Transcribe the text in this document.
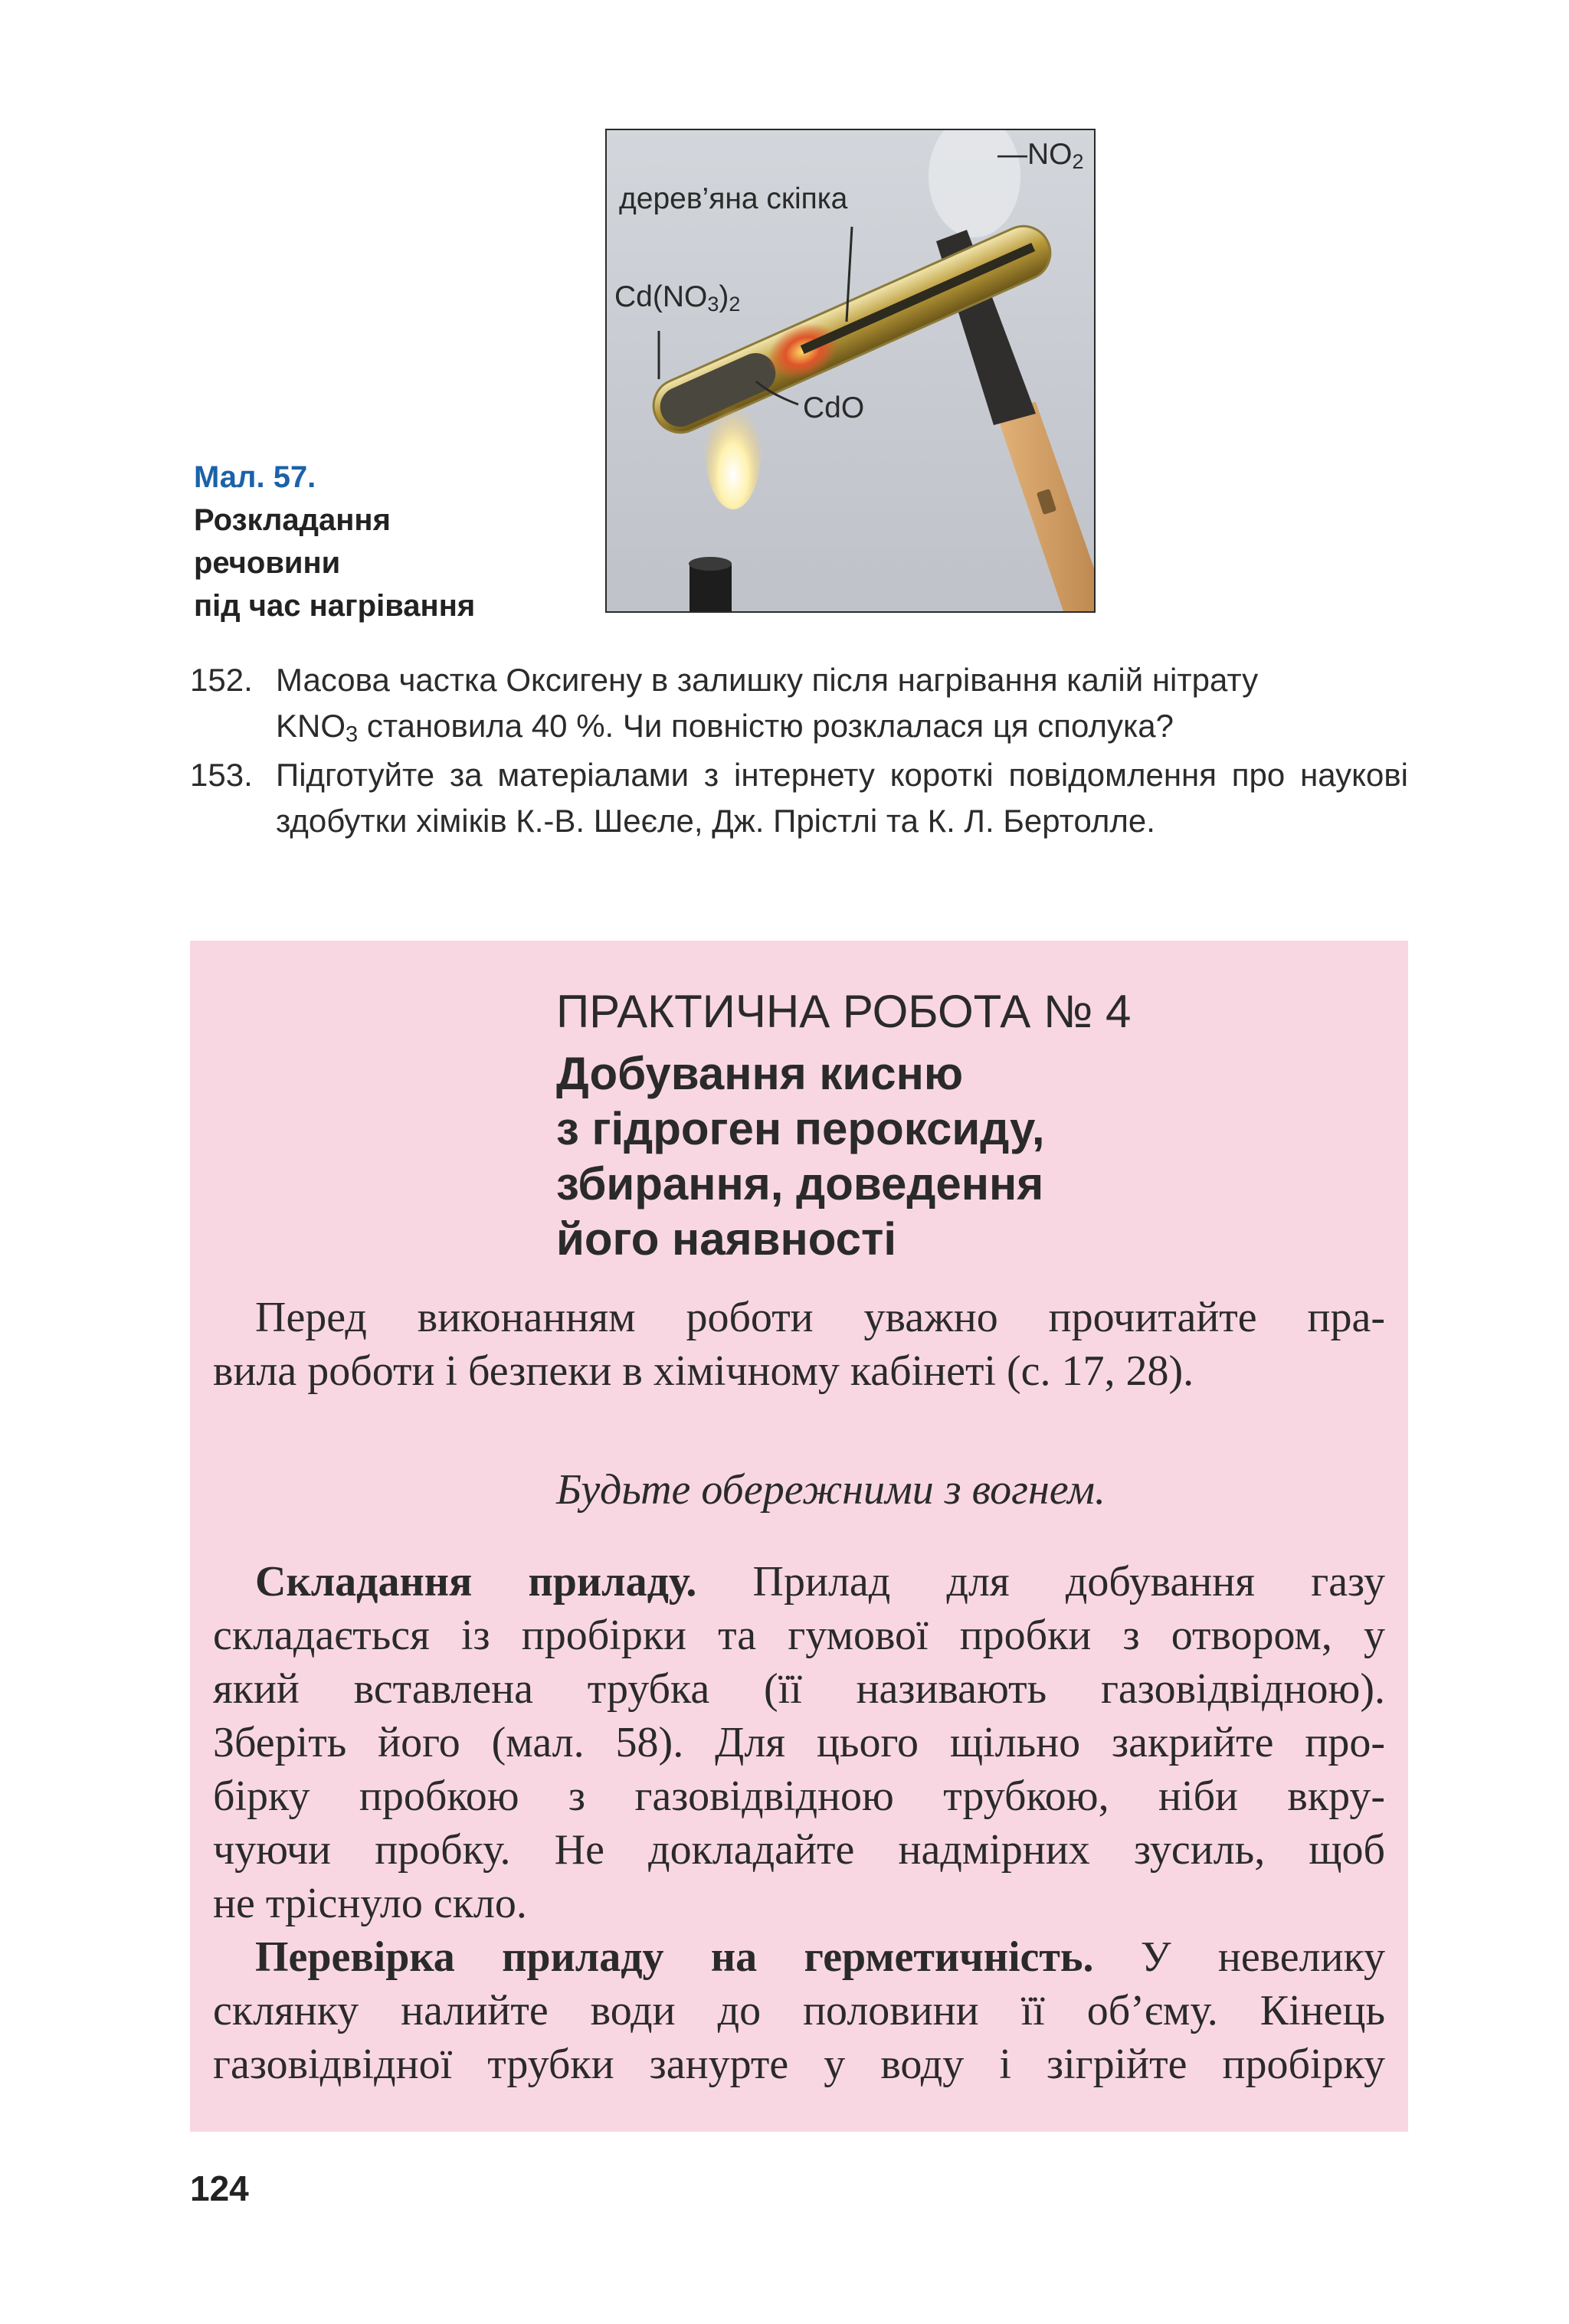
$—NO_2$
дерев’яна скіпка
$Cd(NO_3)_2$
CdO
Мал. 57.
Розкладання
речовини
під час нагрівання
152. Масова частка Оксигену в залишку після нагрівання калій нітрату
$KNO_3$ становила 40 %. Чи повністю розклалася ця сполука?
153. Підготуйте за матеріалами з інтернету короткі повідомлення про наукові здобутки хіміків К.-В. Шеєле, Дж. Прістлі та К. Л. Бертолле.
ПРАКТИЧНА РОБОТА № 4
Добування кисню
з гідроген пероксиду,
збирання, доведення
його наявності
Перед виконанням роботи уважно прочитайте пра-
вила роботи і безпеки в хімічному кабінеті (с. 17, 28).
Будьте обережними з вогнем.
Складання приладу. Прилад для добування газу
складається із пробірки та гумової пробки з отвором, у
який вставлена трубка (її називають газовідвідною).
Зберіть його (мал. 58). Для цього щільно закрийте про-
бірку пробкою з газовідвідною трубкою, ніби вкру-
чуючи пробку. Не докладайте надмірних зусиль, щоб
не тріснуло скло.
Перевірка приладу на герметичність. У невелику
склянку налийте води до половини її об’єму. Кінець
газовідвідної трубки занурте у воду і зігрійте пробірку
124
